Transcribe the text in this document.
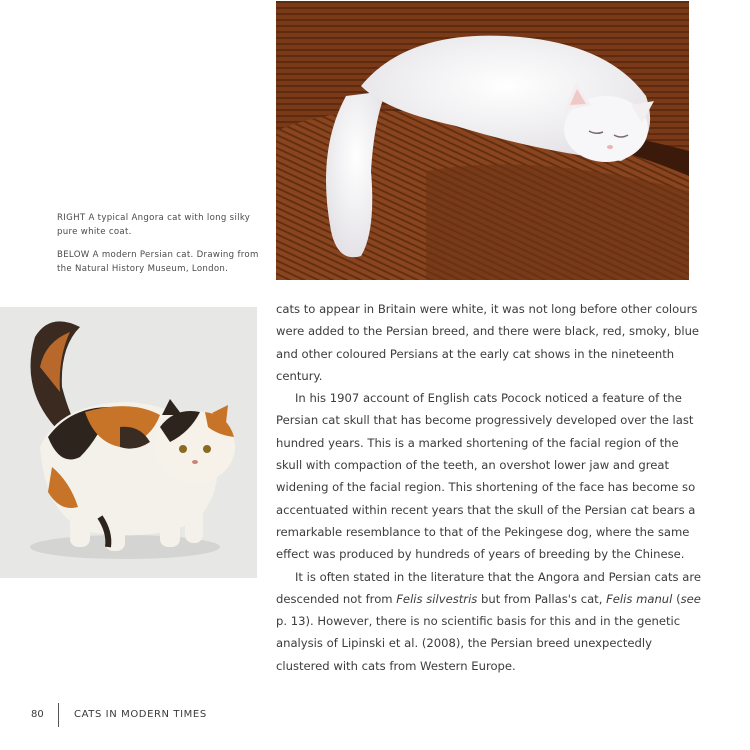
RIGHT A typical Angora cat with long silky pure white coat.

BELOW A modern Persian cat. Drawing from the Natural History Museum, London.

cats to appear in Britain were white, it was not long before other colours were added to the Persian breed, and there were black, red, smoky, blue and other coloured Persians at the early cat shows in the nineteenth century.

In his 1907 account of English cats Pocock noticed a feature of the Persian cat skull that has become progressively developed over the last hundred years. This is a marked shortening of the facial region of the skull with compaction of the teeth, an overshot lower jaw and great widening of the facial region. This shortening of the face has become so accentuated within recent years that the skull of the Persian cat bears a remarkable resemblance to that of the Pekingese dog, where the same effect was produced by hundreds of years of breeding by the Chinese.

It is often stated in the literature that the Angora and Persian cats are descended not from Felis silvestris but from Pallas's cat, Felis manul (see p. 13). However, there is no scientific basis for this and in the genetic analysis of Lipinski et al. (2008), the Persian breed unexpectedly clustered with cats from Western Europe.

80	CATS IN MODERN TIMES
